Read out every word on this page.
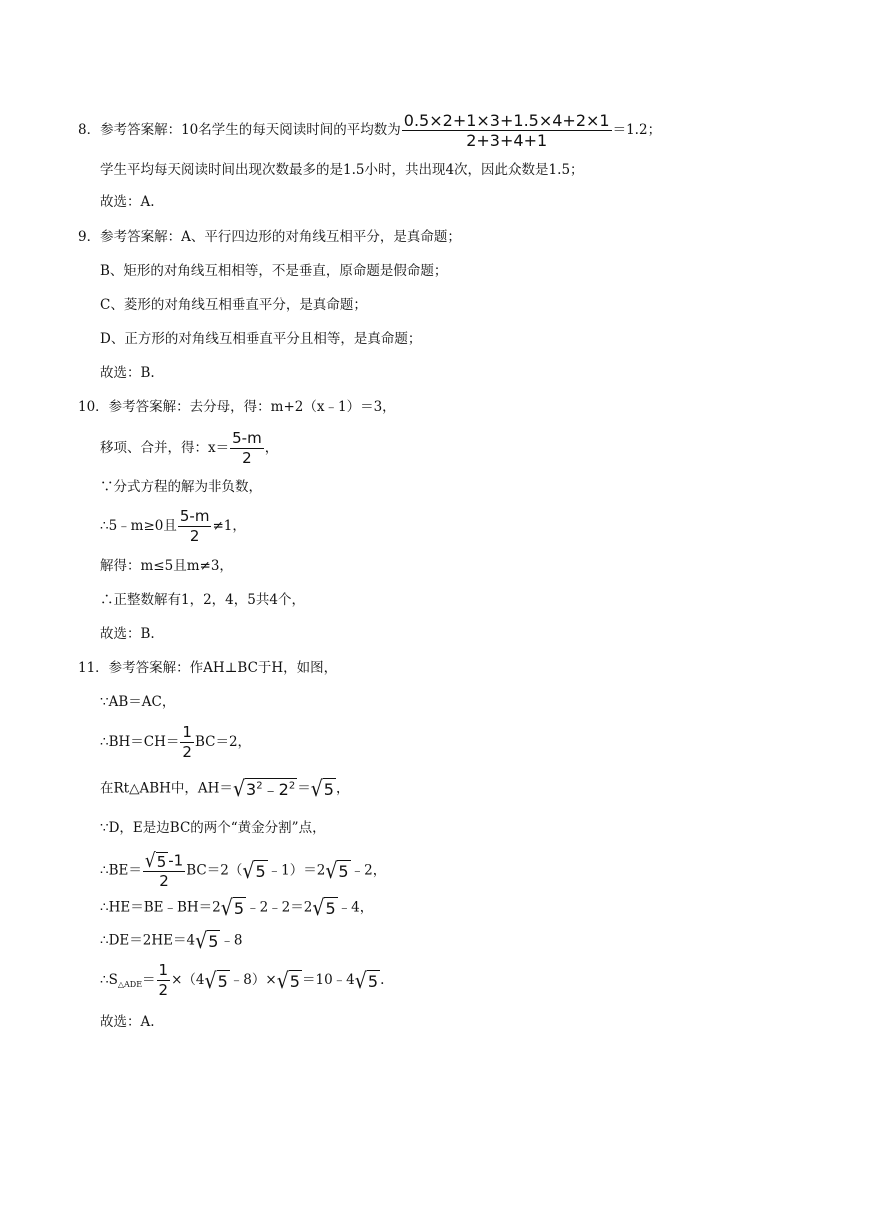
8．参考答案解：10名学生的每天阅读时间的平均数为 $\frac{0.5\times 2+1\times 3+1.5\times 4+2\times 1}{2+3+4+1} =1.2$；
学生平均每天阅读时间出现次数最多的是1.5小时，共出现4次，因此众数是1.5；
故选：A.
9．参考答案解：A、平行四边形的对角线互相平分，是真命题；
B、矩形的对角线互相相等，不是垂直，原命题是假命题；
C、菱形的对角线互相垂直平分，是真命题；
D、正方形的对角线互相垂直平分且相等，是真命题；
故选：B.
10．参考答案解：去分母，得：m+2（x﹣1）＝3，
移项、合并，得：$x= \frac{5-m}{2}$ ，
∵分式方程的解为非负数，
∴5﹣m≥0且 $\frac{5-m}{2} \ne 1$，
解得：m≤5且m≠3，
∴正整数解有1，2，4，5共4个，
故选：B.
11．参考答案解：作AH⊥BC于H，如图，
∵AB＝AC，
∴BH＝CH＝ $\frac{1}{2} BC=2$，
在Rt△ABH中，AH＝ √ $3^2﹣2^2$ ＝ √ 5 ，
∵D，E是边BC的两个“黄金分割”点，
∴BE＝ $\frac{√ 5 -1}{2} BC=2$（ √ 5 ﹣1）＝2 √ 5 ﹣2，
∴HE＝BE﹣BH＝2 √ 5 ﹣2﹣2＝2 √ 5 ﹣4，
∴DE＝2HE＝4 √ 5 ﹣8
$\therefore S_{\triangle ADE}= \frac{1}{2} \times(4$ √ 5 ﹣8）× √ 5 ＝10﹣4 √ 5 .
故选：A.
